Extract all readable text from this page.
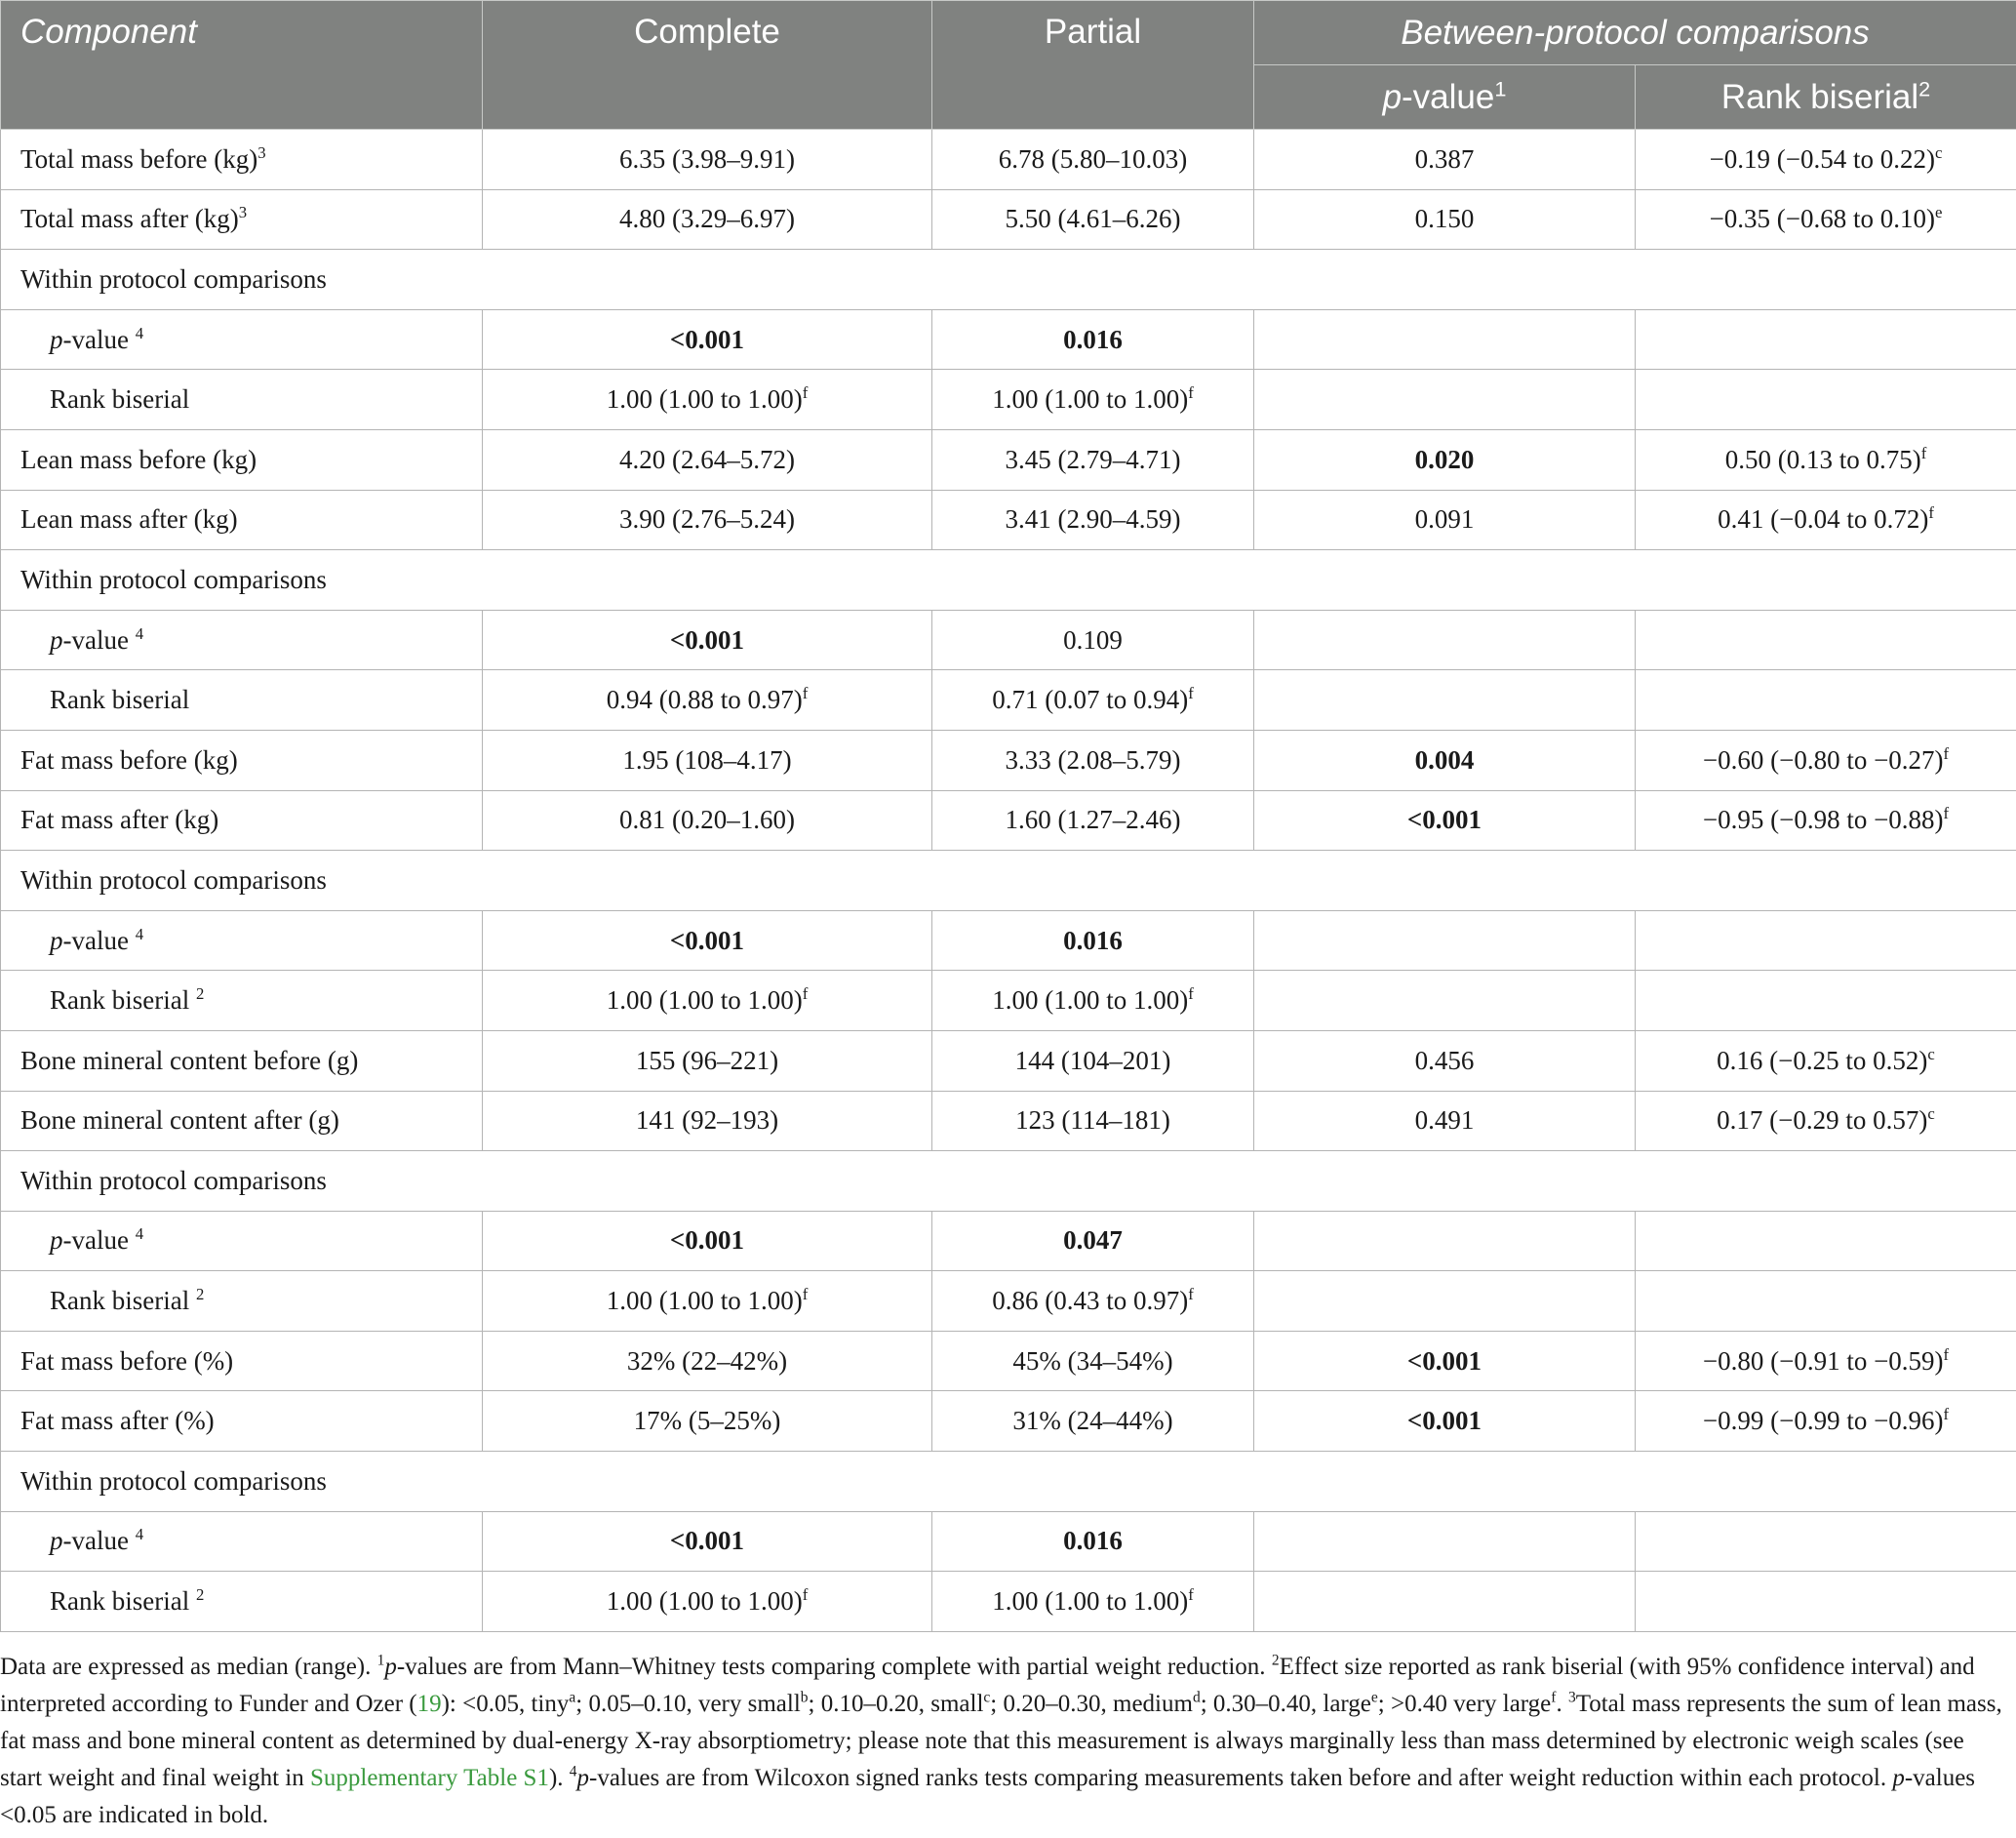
Component	Complete	Partial	Between-protocol comparisons	
			p-value$^1$	Rank biserial$^2$
Total mass before (kg)$^3$	6.35 (3.98–9.91)	6.78 (5.80–10.03)	0.387	−0.19 (−0.54 to 0.22)$^c$
Total mass after (kg)$^3$	4.80 (3.29–6.97)	5.50 (4.61–6.26)	0.150	−0.35 (−0.68 to 0.10)$^e$
Within protocol comparisons				
p-value $^4$	<0.001	0.016		
Rank biserial	1.00 (1.00 to 1.00)$^f$	1.00 (1.00 to 1.00)$^f$		
Lean mass before (kg)	4.20 (2.64–5.72)	3.45 (2.79–4.71)	0.020	0.50 (0.13 to 0.75)$^f$
Lean mass after (kg)	3.90 (2.76–5.24)	3.41 (2.90–4.59)	0.091	0.41 (−0.04 to 0.72)$^f$
Within protocol comparisons				
p-value $^4$	<0.001	0.109		
Rank biserial	0.94 (0.88 to 0.97)$^f$	0.71 (0.07 to 0.94)$^f$		
Fat mass before (kg)	1.95 (108–4.17)	3.33 (2.08–5.79)	0.004	−0.60 (−0.80 to −0.27)$^f$
Fat mass after (kg)	0.81 (0.20–1.60)	1.60 (1.27–2.46)	<0.001	−0.95 (−0.98 to −0.88)$^f$
Within protocol comparisons				
p-value $^4$	<0.001	0.016		
Rank biserial $^2$	1.00 (1.00 to 1.00)$^f$	1.00 (1.00 to 1.00)$^f$		
Bone mineral content before (g)	155 (96–221)	144 (104–201)	0.456	0.16 (−0.25 to 0.52)$^c$
Bone mineral content after (g)	141 (92–193)	123 (114–181)	0.491	0.17 (−0.29 to 0.57)$^c$
Within protocol comparisons				
p-value $^4$	<0.001	0.047		
Rank biserial $^2$	1.00 (1.00 to 1.00)$^f$	0.86 (0.43 to 0.97)$^f$		
Fat mass before (%)	32% (22–42%)	45% (34–54%)	<0.001	−0.80 (−0.91 to −0.59)$^f$
Fat mass after (%)	17% (5–25%)	31% (24–44%)	<0.001	−0.99 (−0.99 to −0.96)$^f$
Within protocol comparisons				
p-value $^4$	<0.001	0.016		
Rank biserial $^2$	1.00 (1.00 to 1.00)$^f$	1.00 (1.00 to 1.00)$^f$		
Data are expressed as median (range). $^1$p-values are from Mann–Whitney tests comparing complete with partial weight reduction. $^2$Effect size reported as rank biserial (with 95% confidence interval) and interpreted according to Funder and Ozer (19): <0.05, tiny$^a$; 0.05–0.10, very small$^b$; 0.10–0.20, small$^c$; 0.20–0.30, medium$^d$; 0.30–0.40, large$^e$; >0.40 very large$^f$. $^3$Total mass represents the sum of lean mass, fat mass and bone mineral content as determined by dual-energy X-ray absorptiometry; please note that this measurement is always marginally less than mass determined by electronic weigh scales (see start weight and final weight in Supplementary Table S1). $^4$p-values are from Wilcoxon signed ranks tests comparing measurements taken before and after weight reduction within each protocol. p-values <0.05 are indicated in bold.
